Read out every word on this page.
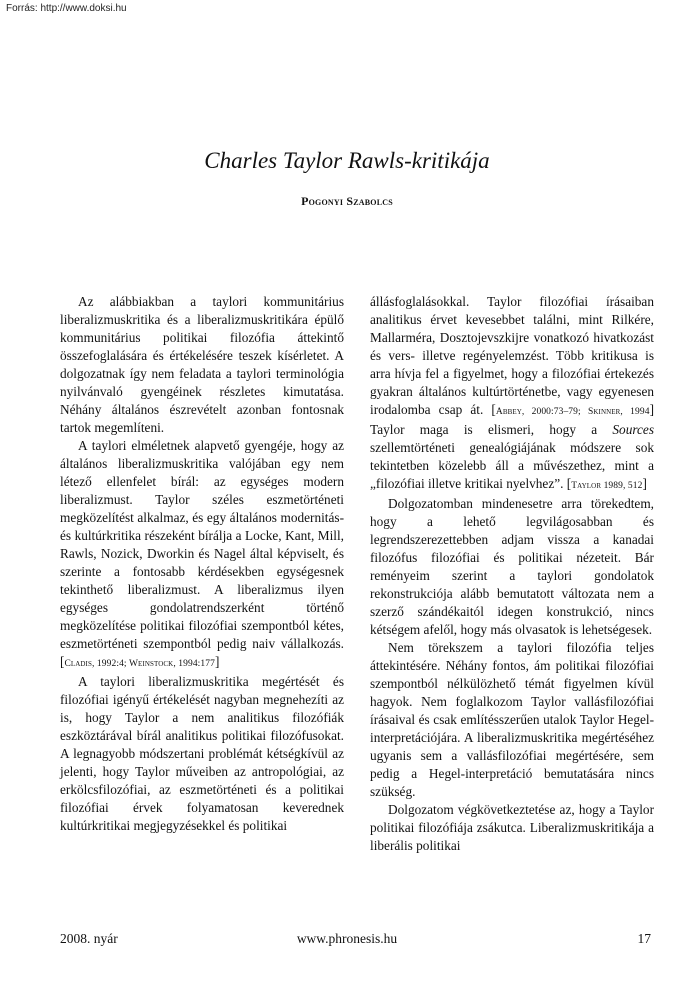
Forrás: http://www.doksi.hu
Charles Taylor Rawls-kritikája
Pogonyi Szabolcs

Az alábbiakban a taylori kommunitárius liberalizmuskritika és a liberalizmuskritikára épülő kommunitárius politikai filozófia áttekintő összefoglalására és értékelésére teszek kísérletet. A dolgozatnak így nem feladata a taylori terminológia nyilvánvaló gyengéinek részletes kimutatása. Néhány általános észrevételt azonban fontosnak tartok megemlíteni.

A taylori elméletnek alapvető gyengéje, hogy az általános liberalizmuskritika valójában egy nem létező ellenfelet bírál: az egységes modern liberalizmust. Taylor széles eszmetörténeti megközelítést alkalmaz, és egy általános modernitás- és kultúrkritika részeként bírálja a Locke, Kant, Mill, Rawls, Nozick, Dworkin és Nagel által képviselt, és szerinte a fontosabb kérdésekben egységesnek tekinthető liberalizmust. A liberalizmus ilyen egységes gondolatrendszerként történő megközelítése politikai filozófiai szempontból kétes, eszmetörténeti szempontból pedig naiv vállalkozás. [Cladis, 1992:4; Weinstock, 1994:177]

A taylori liberalizmuskritika megértését és filozófiai igényű értékelését nagyban megnehezíti az is, hogy Taylor a nem analitikus filozófiák eszköztárával bírál analitikus politikai filozófusokat. A legnagyobb módszertani problémát kétségkívül az jelenti, hogy Taylor műveiben az antropológiai, az erkölcsfilozófiai, az eszmetörténeti és a politikai filozófiai érvek folyamatosan keverednek kultúrkritikai megjegyzésekkel és politikai

állásfoglalásokkal. Taylor filozófiai írásaiban analitikus érvet kevesebbet találni, mint Rilkére, Mallarméra, Dosztojevszkijre vonatkozó hivatkozást és vers- illetve regényelemzést. Több kritikusa is arra hívja fel a figyelmet, hogy a filozófiai értekezés gyakran általános kultúrtörténetbe, vagy egyenesen irodalomba csap át. [Abbey, 2000:73–79; Skinner, 1994] Taylor maga is elismeri, hogy a Sources szellemtörténeti genealógiájának módszere sok tekintetben közelebb áll a művészethez, mint a „filozófiai illetve kritikai nyelvhez”. [Taylor 1989, 512]

Dolgozatomban mindenesetre arra törekedtem, hogy a lehető legvilágosabban és legrendszerezettebben adjam vissza a kanadai filozófus filozófiai és politikai nézeteit. Bár reményeim szerint a taylori gondolatok rekonstrukciója alább bemutatott változata nem a szerző szándékaitól idegen konstrukció, nincs kétségem afelől, hogy más olvasatok is lehetségesek.

Nem törekszem a taylori filozófia teljes áttekintésére. Néhány fontos, ám politikai filozófiai szempontból nélkülözhető témát figyelmen kívül hagyok. Nem foglalkozom Taylor vallásfilozófiai írásaival és csak említésszerűen utalok Taylor Hegel-interpretációjára. A liberalizmuskritika megértéséhez ugyanis sem a vallásfilozófiai megértésére, sem pedig a Hegel-interpretáció bemutatására nincs szükség.

Dolgozatom végkövetkeztetése az, hogy a Taylor politikai filozófiája zsákutca. Liberalizmuskritikája a liberális politikai

2008. nyár	www.phronesis.hu	17
